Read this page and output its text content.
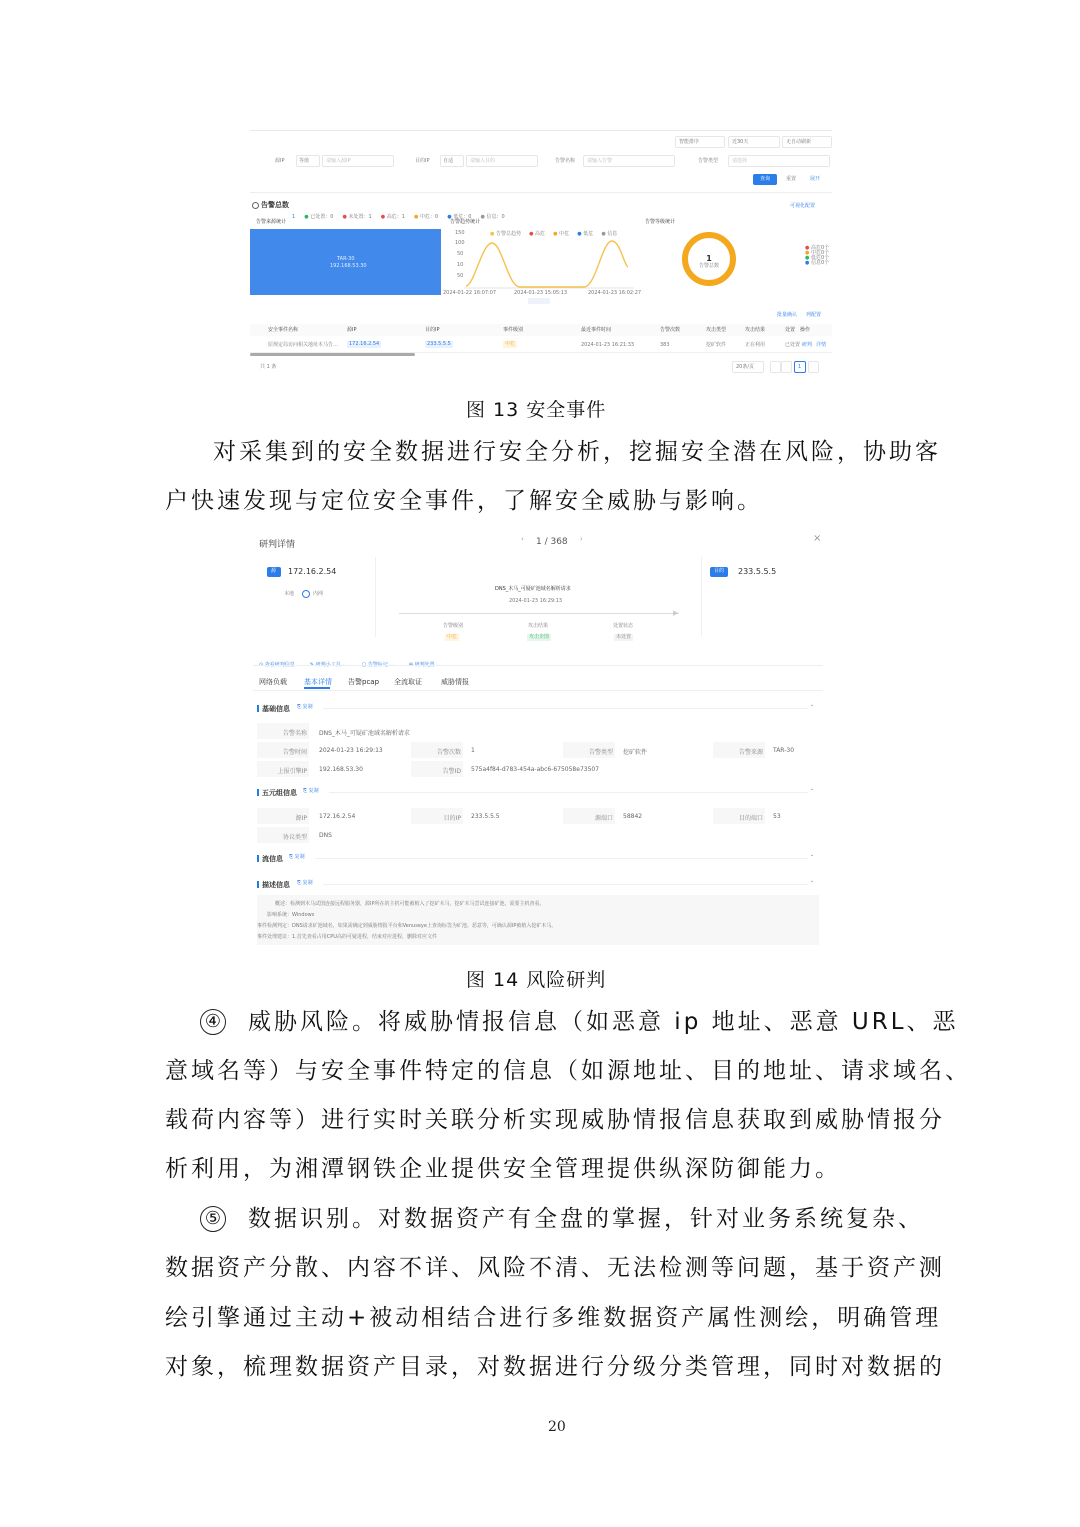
智能排序	近30天	无自动刷新
源IP	等值	请输入源IP	目的IP	自适	请输入目的	告警名称 请输入告警	告警类型	请选择
查询	重置	展开
告警总数
1 ● 已处置：0 ● 未处置：1 ● 高危：1 ● 中危：0 ● 低危：0 ● 信息：0
可视化配置
告警来源统计
TAR-30
192.168.53.30
告警趋势统计
● 告警总趋势 ● 高危 ● 中危 ● 低危 ● 信息
150
100
50
10
50
2024-01-22 16:07:07	2024-01-23 15:05:13	2024-01-23 16:02:27
告警等级统计
1
告警总数
● 高危0个
● 中危0个
● 低危0个
● 信息0个
批量确认 列配置
安全事件名称	源IP	目的IP	事件级别	最近事件时间	告警次数	攻击类型	攻击结果	处置 操作
原规定局访问相关地址木马告…	172.16.2.54	233.5.5.5	中危	2024-01-23 16:21:33	383	挖矿软件	正在利用	已处置 研判 详情
共 1 条	20条/页	1
图 13 安全事件
对采集到的安全数据进行安全分析，挖掘安全潜在风险，协助客
户快速发现与定位安全事件，了解安全威胁与影响。
研判详情
‹ 1 / 368 ›	×
源 172.16.2.54
本地	内网
DNS_木马_可疑矿池域名解析请求
2024-01-23 16:29:13
▶
告警级别
中危
攻击结果
攻击企图
处置状态
未处置
目的 233.5.5.5
网络负载 基本详情 告警pcap 全流取证	威胁情报
基础信息 ⎘ 复制	⌄
告警名称 DNS_木马_可疑矿池域名解析请求
告警时间 2024-01-23 16:29:13	告警次数 1	告警类型 挖矿软件	告警来源 TAR-30
上报引擎IP 192.168.53.30	告警ID 575a4f84-d783-454a-abc6-675058e73507
五元组信息 ⎘ 复制	⌄
源IP 172.16.2.54	目的IP 233.5.5.5	源端口 58842	目的端口 53
协议类型 DNS
流信息 ⎘ 复制	⌄
描述信息 ⎘ 复制	⌄
概述：检测到木马试图连接远程服务器，源IP所在的主机可能被植入了挖矿木马，挖矿木马尝试连接矿池，需要主机查看。
影响系统：Windows
事件检测判定：DNS请求矿池域名，如果需确定到威胁情报平台和Venuseye上查询标签为矿池、恶意等，可确认源IP被植入挖矿木马。
事件处理建议：1.首先查看占用CPU高的可疑进程，结束对应进程，删除对应文件
图 14 风险研判
④ 威胁风险。将威胁情报信息（如恶意 ip 地址、恶意 URL、恶
意域名等）与安全事件特定的信息（如源地址、目的地址、请求域名、
载荷内容等）进行实时关联分析实现威胁情报信息获取到威胁情报分
析利用，为湘潭钢铁企业提供安全管理提供纵深防御能力。
⑤ 数据识别。对数据资产有全盘的掌握，针对业务系统复杂、
数据资产分散、内容不详、风险不清、无法检测等问题，基于资产测
绘引擎通过主动+被动相结合进行多维数据资产属性测绘，明确管理
对象，梳理数据资产目录，对数据进行分级分类管理，同时对数据的
20
